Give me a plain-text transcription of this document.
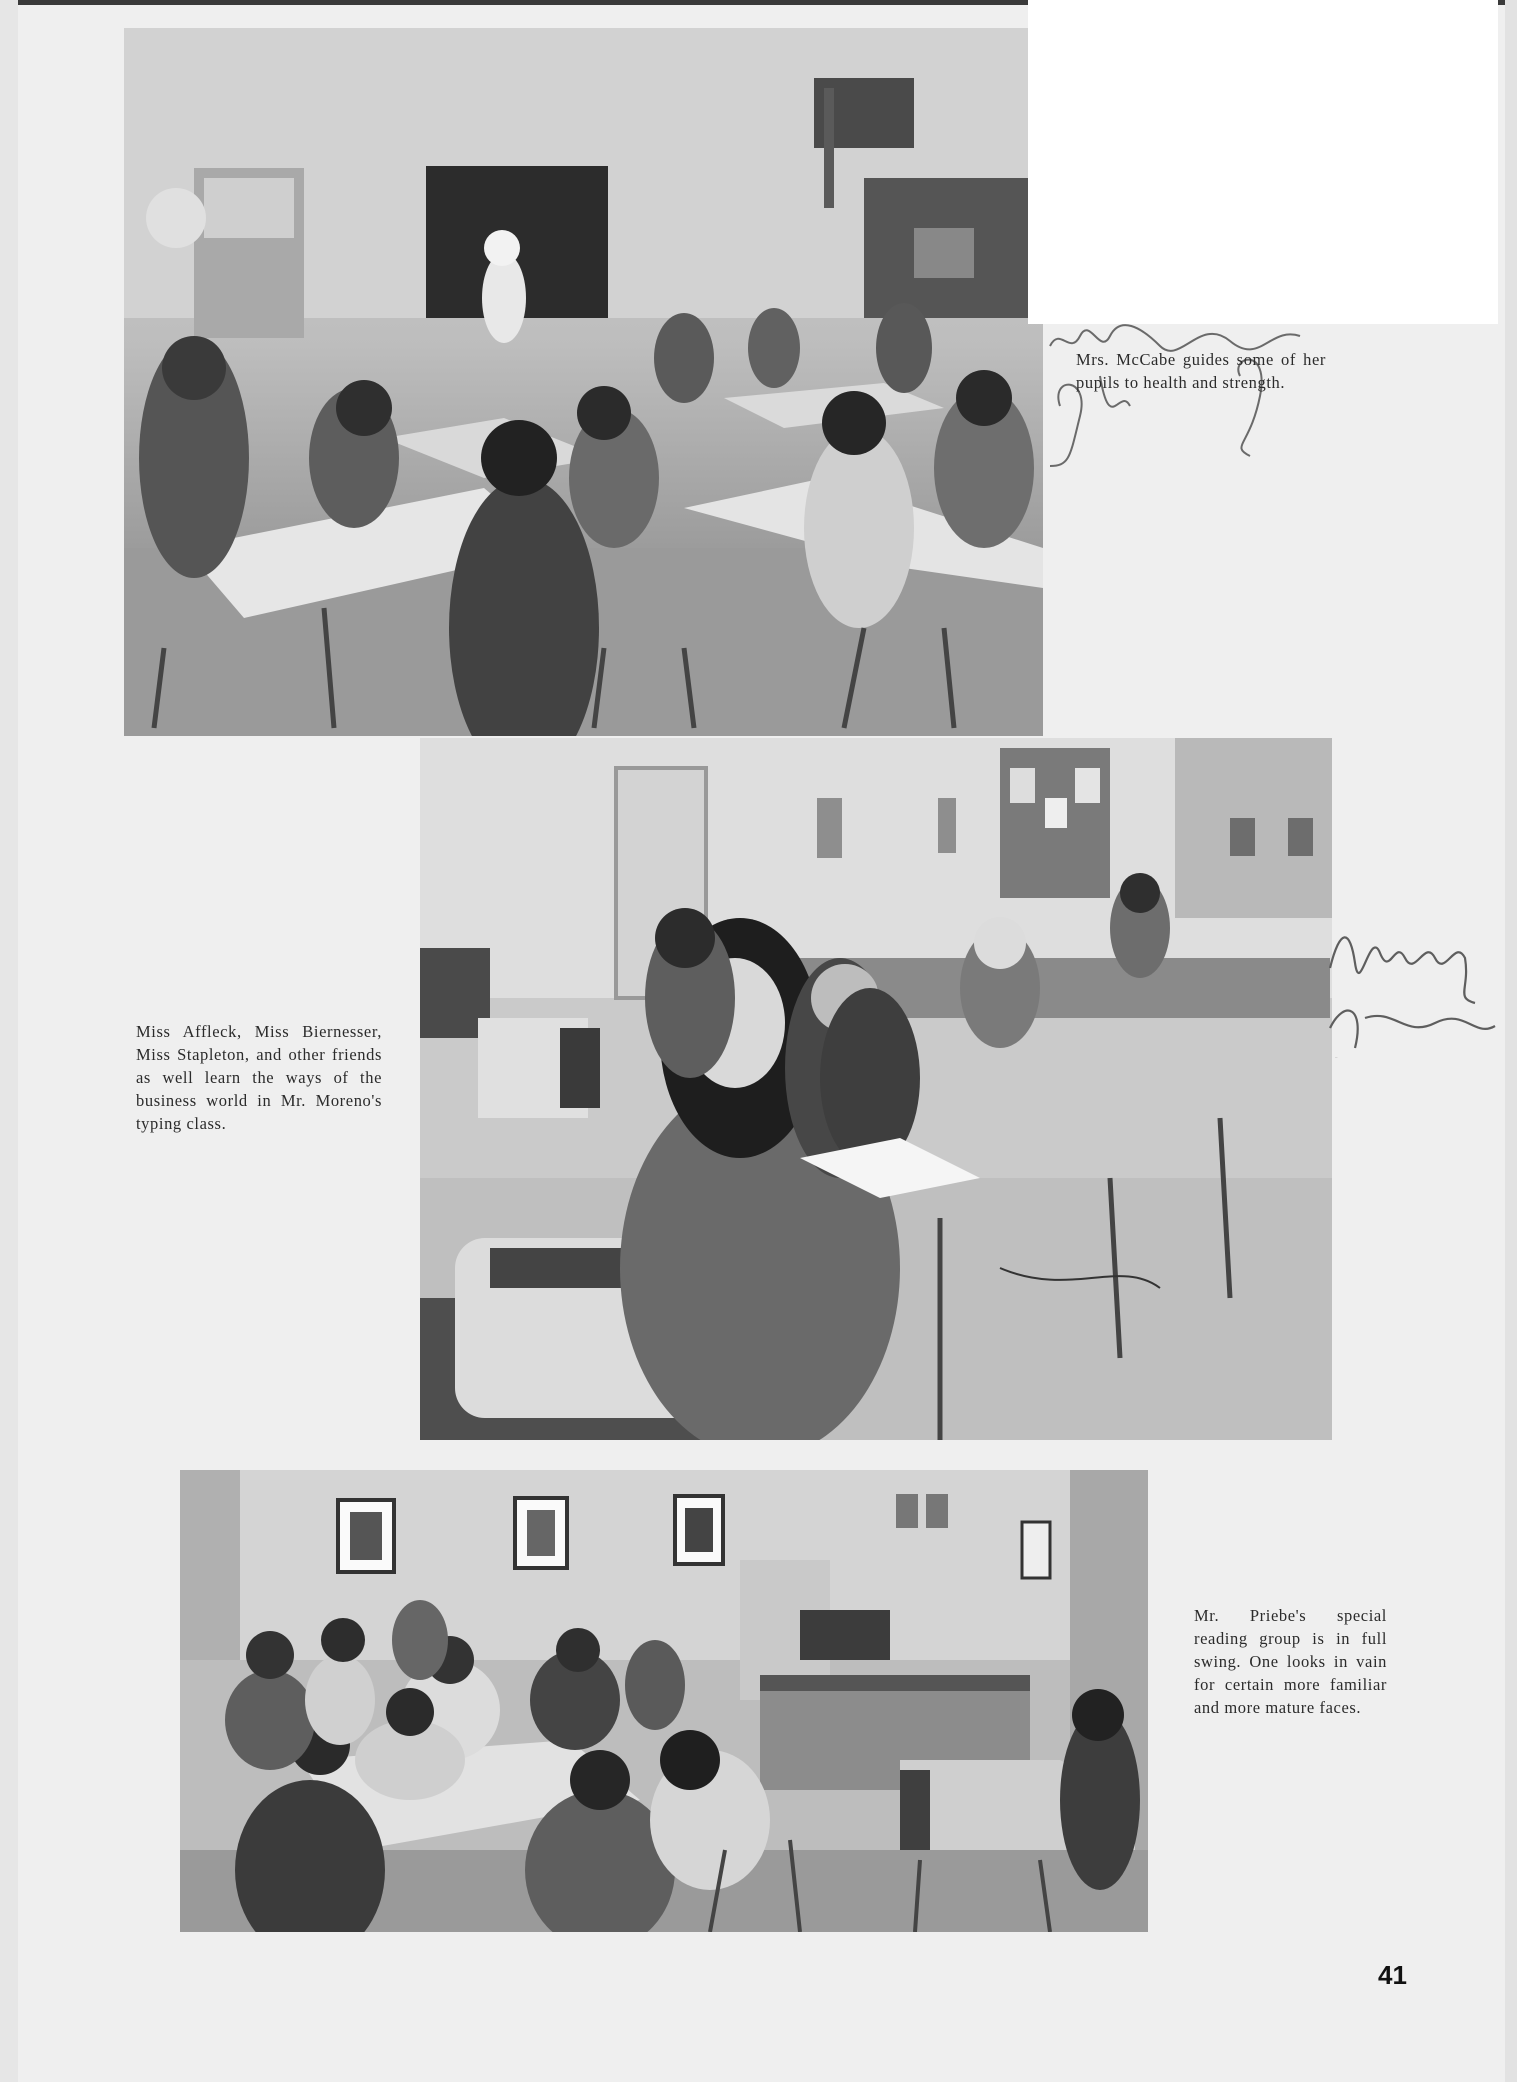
Mrs. McCabe guides some of her pupils to health and strength.
Nancy
Miss Affleck, Miss Biernesser, Miss Stapleton, and other friends as well learn the ways of the business world in Mr. Moreno's typing class.
Mr. Priebe's special reading group is in full swing. One looks in vain for certain more familiar and more mature faces.
41
